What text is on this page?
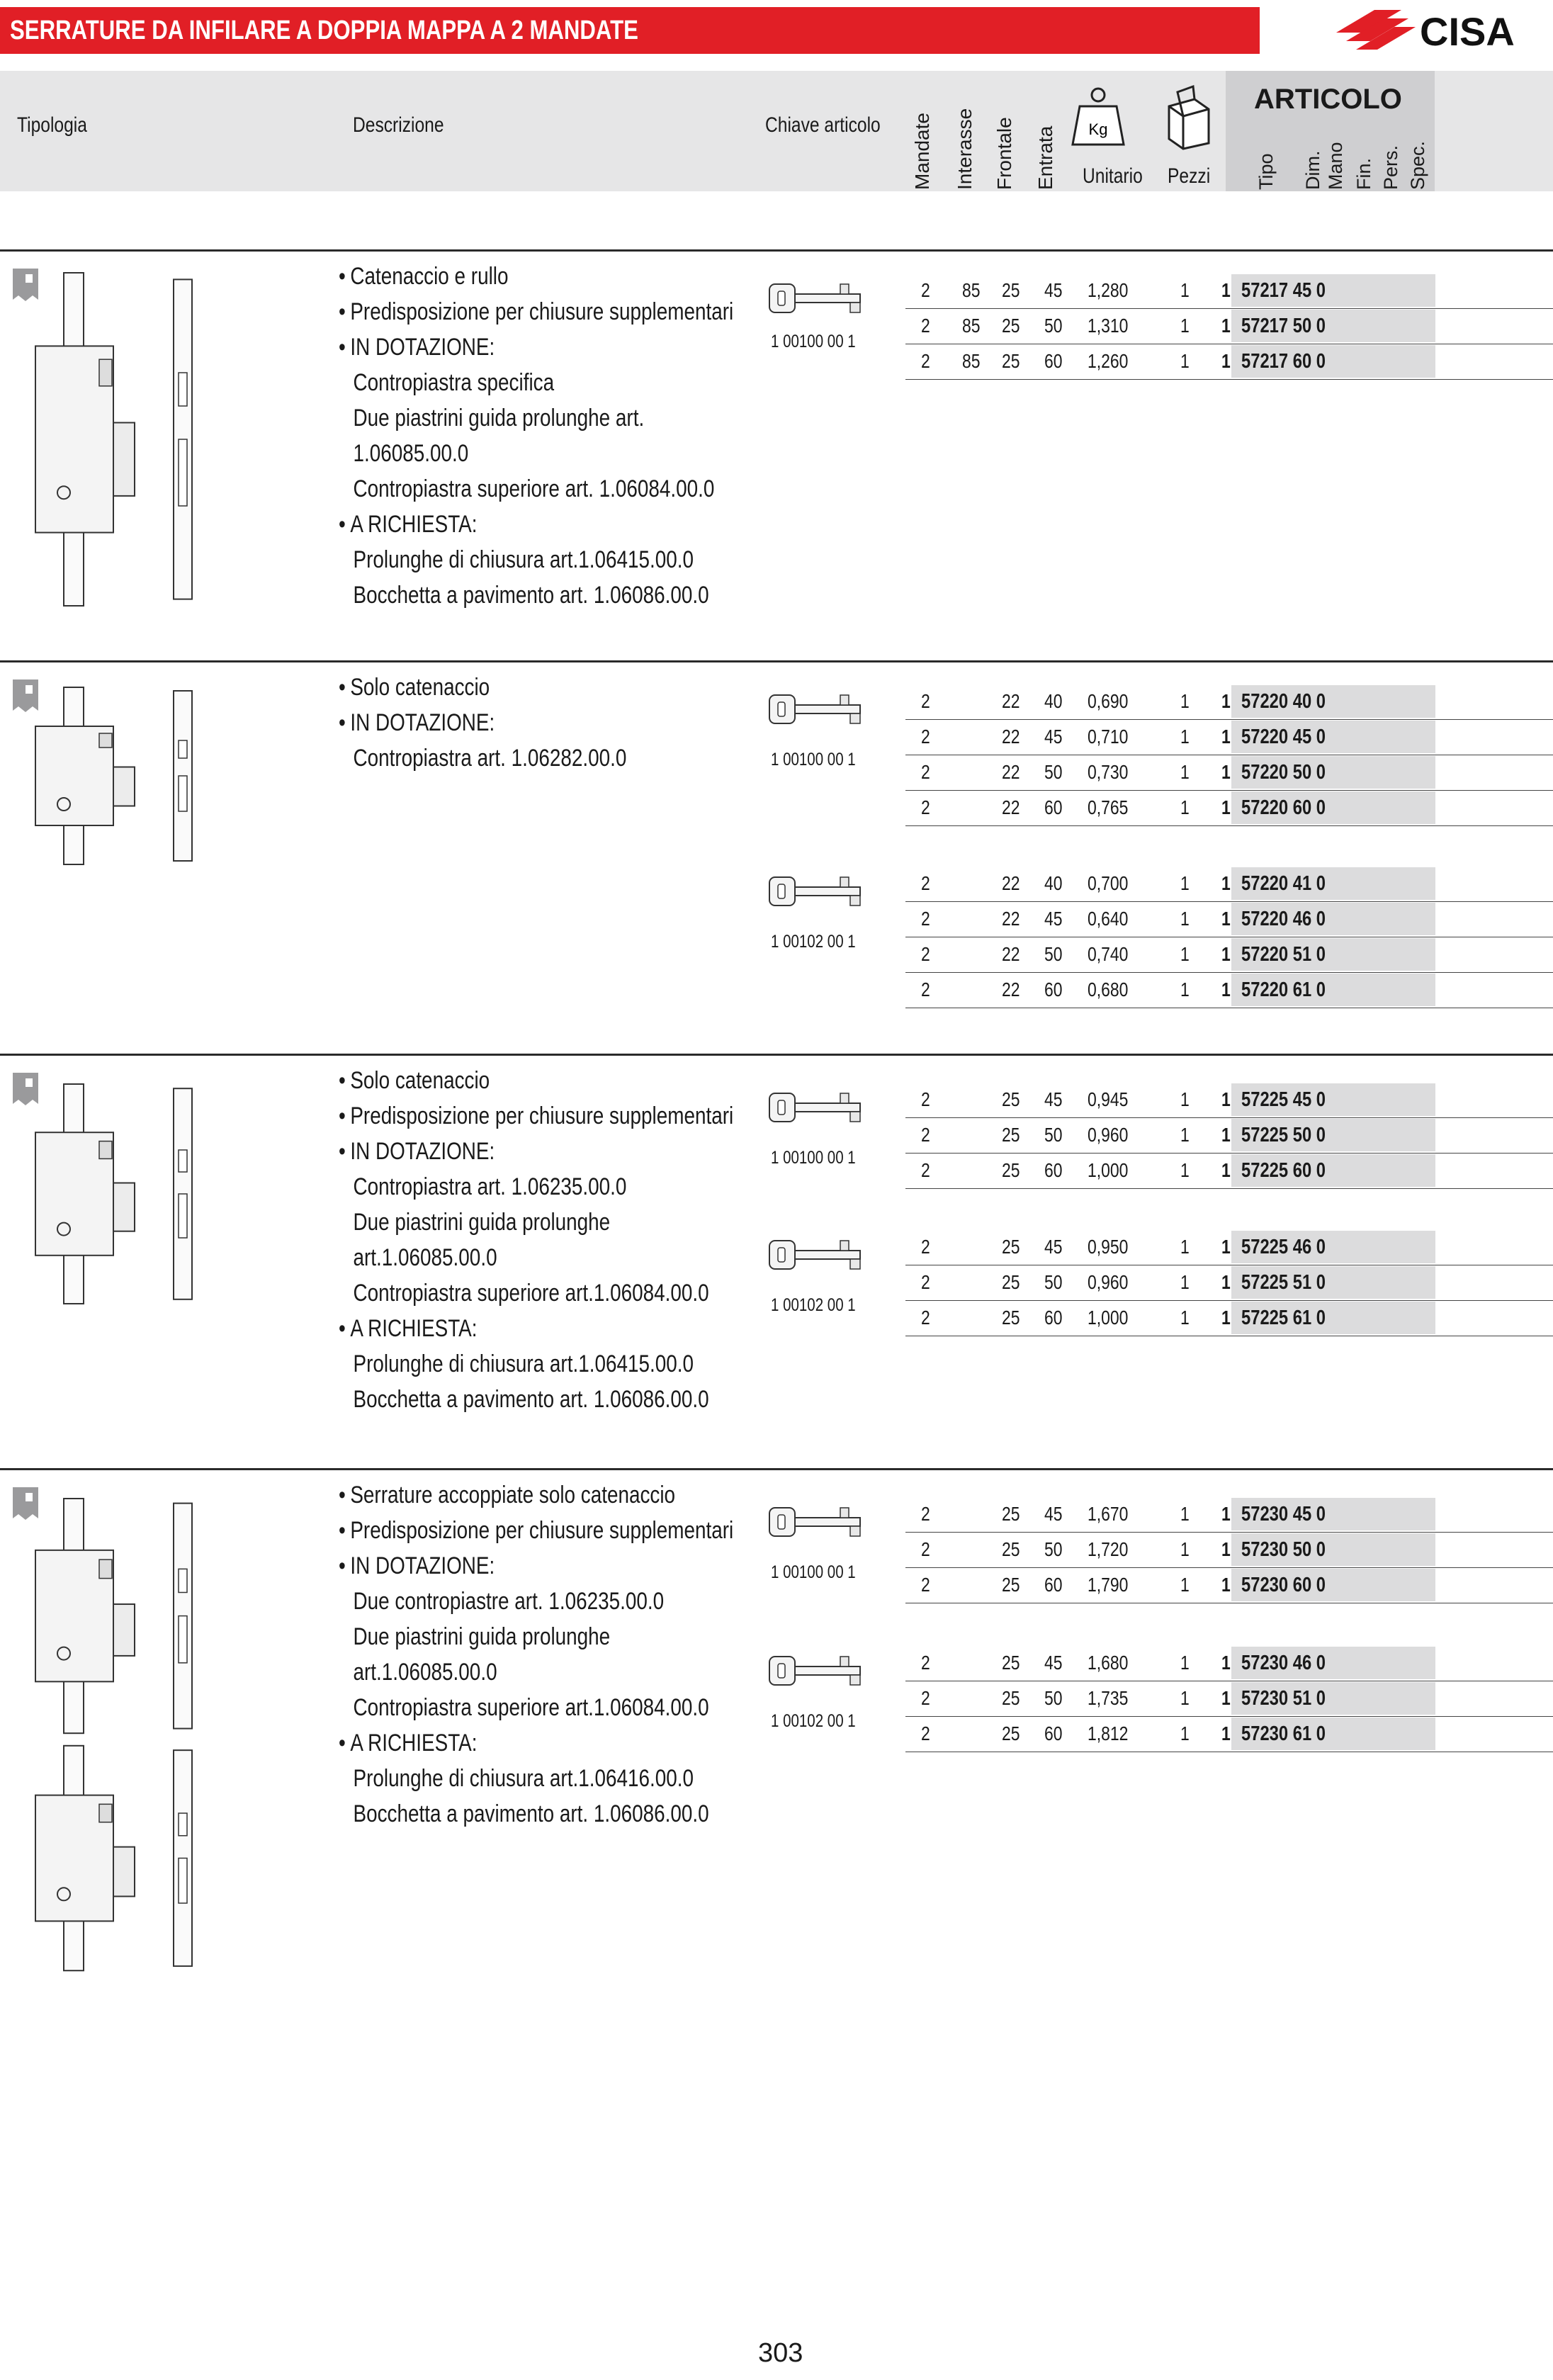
SERRATURE DA INFILARE A DOPPIA MAPPA A 2 MANDATE	CISA
Tipologia	Descrizione	Chiave articolo	Mandate Interasse Frontale Entrata Kg
Unitario	Pezzi
ARTICOLO
Tipo Dim. Mano Fin. Pers. Spec.
• Catenaccio e rullo
• Predisposizione per chiusure supplementari
• IN DOTAZIONE:
Contropiastra specifica
Due piastrini guida prolunghe art.
1.06085.00.0
Contropiastra superiore art. 1.06084.00.0
• A RICHIESTA:
Prolunghe di chiusura art.1.06415.00.0
Bocchetta a pavimento art. 1.06086.00.0
1 00100 00 1
2 85 25 45 1,280	1 1 57217 45 0
2 85 25 50 1,310	1 1 57217 50 0
2 85 25 60 1,260	1 1 57217 60 0
• Solo catenaccio
• IN DOTAZIONE:
Contropiastra art. 1.06282.00.0	1 00100 00 1
2	22 40 0,690	1 1 57220 40 0
2	22 45 0,710	1 1 57220 45 0
2	22 50 0,730	1 1 57220 50 0
2	22 60 0,765	1 1 57220 60 0
1 00102 00 1
2	22 40 0,700	1 1 57220 41 0
2	22 45 0,640	1 1 57220 46 0
2	22 50 0,740	1 1 57220 51 0
2	22 60 0,680	1 1 57220 61 0
• Solo catenaccio
• Predisposizione per chiusure supplementari
• IN DOTAZIONE:
Contropiastra art. 1.06235.00.0
Due piastrini guida prolunghe
art.1.06085.00.0
Contropiastra superiore art.1.06084.00.0
• A RICHIESTA:
Prolunghe di chiusura art.1.06415.00.0
Bocchetta a pavimento art. 1.06086.00.0
1 00100 00 1
2	25 45 0,945	1 1 57225 45 0
2	25 50 0,960	1 1 57225 50 0
2	25 60 1,000	1 1 57225 60 0
1 00102 00 1
2	25 45 0,950	1 1 57225 46 0
2	25 50 0,960	1 1 57225 51 0
2	25 60 1,000	1 1 57225 61 0
• Serrature accoppiate solo catenaccio
• Predisposizione per chiusure supplementari
• IN DOTAZIONE:
Due contropiastre art. 1.06235.00.0
Due piastrini guida prolunghe
art.1.06085.00.0
Contropiastra superiore art.1.06084.00.0
• A RICHIESTA:
Prolunghe di chiusura art.1.06416.00.0
Bocchetta a pavimento art. 1.06086.00.0
1 00100 00 1
2	25 45 1,670	1 1 57230 45 0
2	25 50 1,720	1 1 57230 50 0
2	25 60 1,790	1 1 57230 60 0
1 00102 00 1
2	25 45 1,680	1 1 57230 46 0
2	25 50 1,735	1 1 57230 51 0
2	25 60 1,812	1 1 57230 61 0
303
